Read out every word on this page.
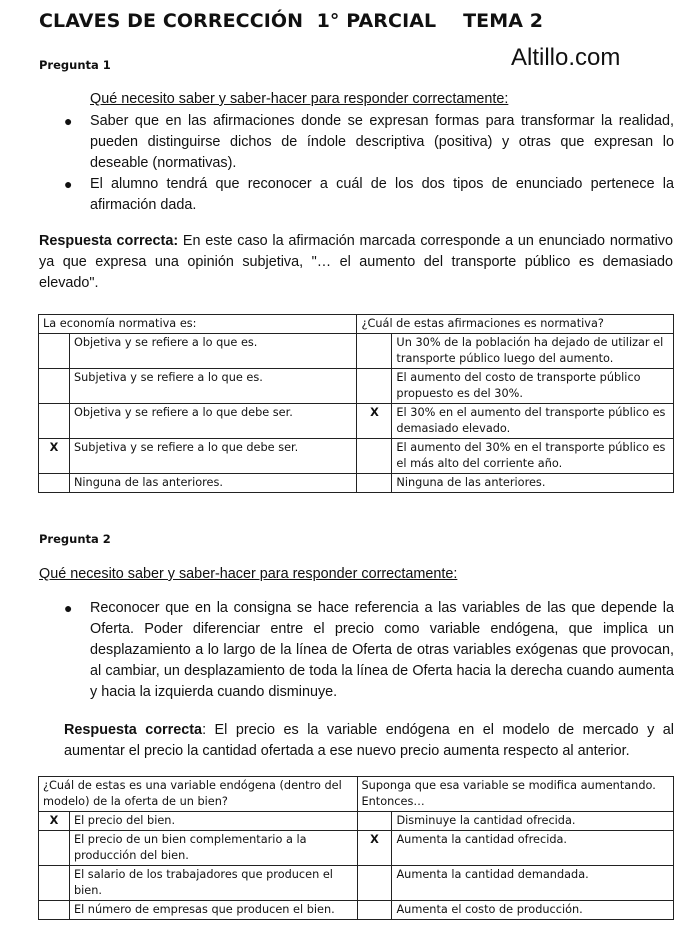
CLAVES DE CORRECCIÓN  1° PARCIAL    TEMA 2
Altillo.com
Pregunta 1
Qué necesito saber y saber-hacer para responder correctamente:
● Saber que en las afirmaciones donde se expresan formas para transformar la realidad, pueden distinguirse dichos de índole descriptiva (positiva) y otras que expresan lo deseable (normativas).
● El alumno tendrá que reconocer a cuál de los dos tipos de enunciado pertenece la afirmación dada.
Respuesta correcta: En este caso la afirmación marcada corresponde a un enunciado normativo ya que expresa una opinión subjetiva, "… el aumento del transporte público es demasiado elevado".
La economía normativa es:		¿Cuál de estas afirmaciones es normativa?	
	Objetiva y se refiere a lo que es.		Un 30% de la población ha dejado de utilizar el transporte público luego del aumento.
	Subjetiva y se refiere a lo que es.		El aumento del costo de transporte público propuesto es del 30%.
	Objetiva y se refiere a lo que debe ser.	X	El 30% en el aumento del transporte público es demasiado elevado.
X	Subjetiva y se refiere a lo que debe ser.		El aumento del 30% en el transporte público es el más alto del corriente año.
	Ninguna de las anteriores.		Ninguna de las anteriores.
Pregunta 2
Qué necesito saber y saber-hacer para responder correctamente:
● Reconocer que en la consigna se hace referencia a las variables de las que depende la Oferta. Poder diferenciar entre el precio como variable endógena, que implica un desplazamiento a lo largo de la línea de Oferta de otras variables exógenas que provocan, al cambiar, un desplazamiento de toda la línea de Oferta hacia la derecha cuando aumenta y hacia la izquierda cuando disminuye.
Respuesta correcta: El precio es la variable endógena en el modelo de mercado y al aumentar el precio la cantidad ofertada a ese nuevo precio aumenta respecto al anterior.
¿Cuál de estas es una variable endógena (dentro del modelo) de la oferta de un bien?		Suponga que esa variable se modifica aumentando. Entonces…	
X	El precio del bien.		Disminuye la cantidad ofrecida.
	El precio de un bien complementario a la producción del bien.	X	Aumenta la cantidad ofrecida.
	El salario de los trabajadores que producen el bien.		Aumenta la cantidad demandada.
	El número de empresas que producen el bien.		Aumenta el costo de producción.
